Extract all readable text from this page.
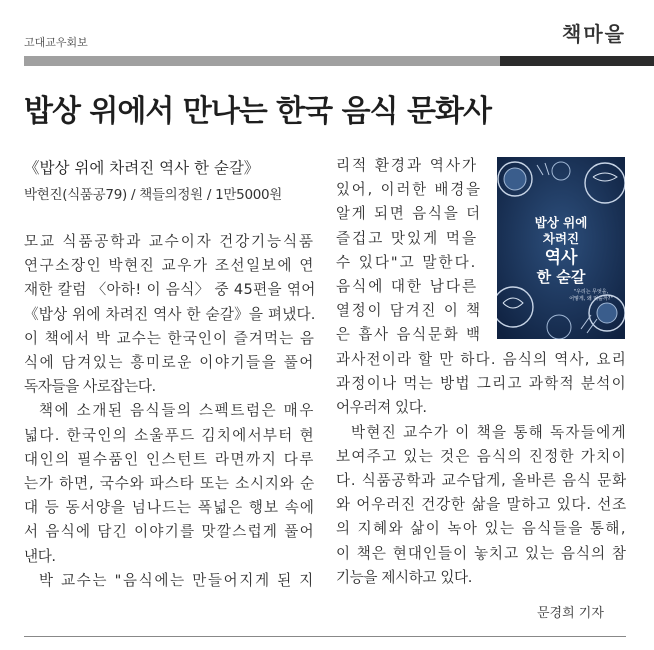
고대교우회보	책마을
밥상 위에서 만나는 한국 음식 문화사
《밥상 위에 차려진 역사 한 숟갈》
박현진(식품공79) / 책들의정원 / 1만5000원
모교 식품공학과 교수이자 건강기능식품
연구소장인 박현진 교우가 조선일보에 연
재한 칼럼 〈아하! 이 음식〉 중 45편을 엮어
《밥상 위에 차려진 역사 한 숟갈》을 펴냈다.
이 책에서 박 교수는 한국인이 즐겨먹는 음
식에 담겨있는 흥미로운 이야기들을 풀어
독자들을 사로잡는다.
책에 소개된 음식들의 스펙트럼은 매우
넓다. 한국인의 소울푸드 김치에서부터 현
대인의 필수품인 인스턴트 라면까지 다루
는가 하면, 국수와 파스타 또는 소시지와 순
대 등 동서양을 넘나드는 폭넓은 행보 속에
서 음식에 담긴 이야기를 맛깔스럽게 풀어
낸다.
박 교수는 "음식에는 만들어지게 된 지
리적 환경과 역사가
있어, 이러한 배경을
알게 되면 음식을 더
즐겁고 맛있게 먹을
수 있다"고 말한다.
음식에 대한 남다른
열정이 담겨진 이 책
은 흡사 음식문화 백
과사전이라 할 만 하다. 음식의 역사, 요리
과정이나 먹는 방법 그리고 과학적 분석이
어우러져 있다.
박현진 교수가 이 책을 통해 독자들에게
보여주고 있는 것은 음식의 진정한 가치이
다. 식품공학과 교수답게, 올바른 음식 문화
와 어우러진 건강한 삶을 말하고 있다. 선조
의 지혜와 삶이 녹아 있는 음식들을 통해,
이 책은 현대인들이 놓치고 있는 음식의 참
기능을 제시하고 있다.
밥상 위에
차려진
역사
한 숟갈
"우리는 무엇을,
어떻게, 왜 먹을까?"
문경희 기자
